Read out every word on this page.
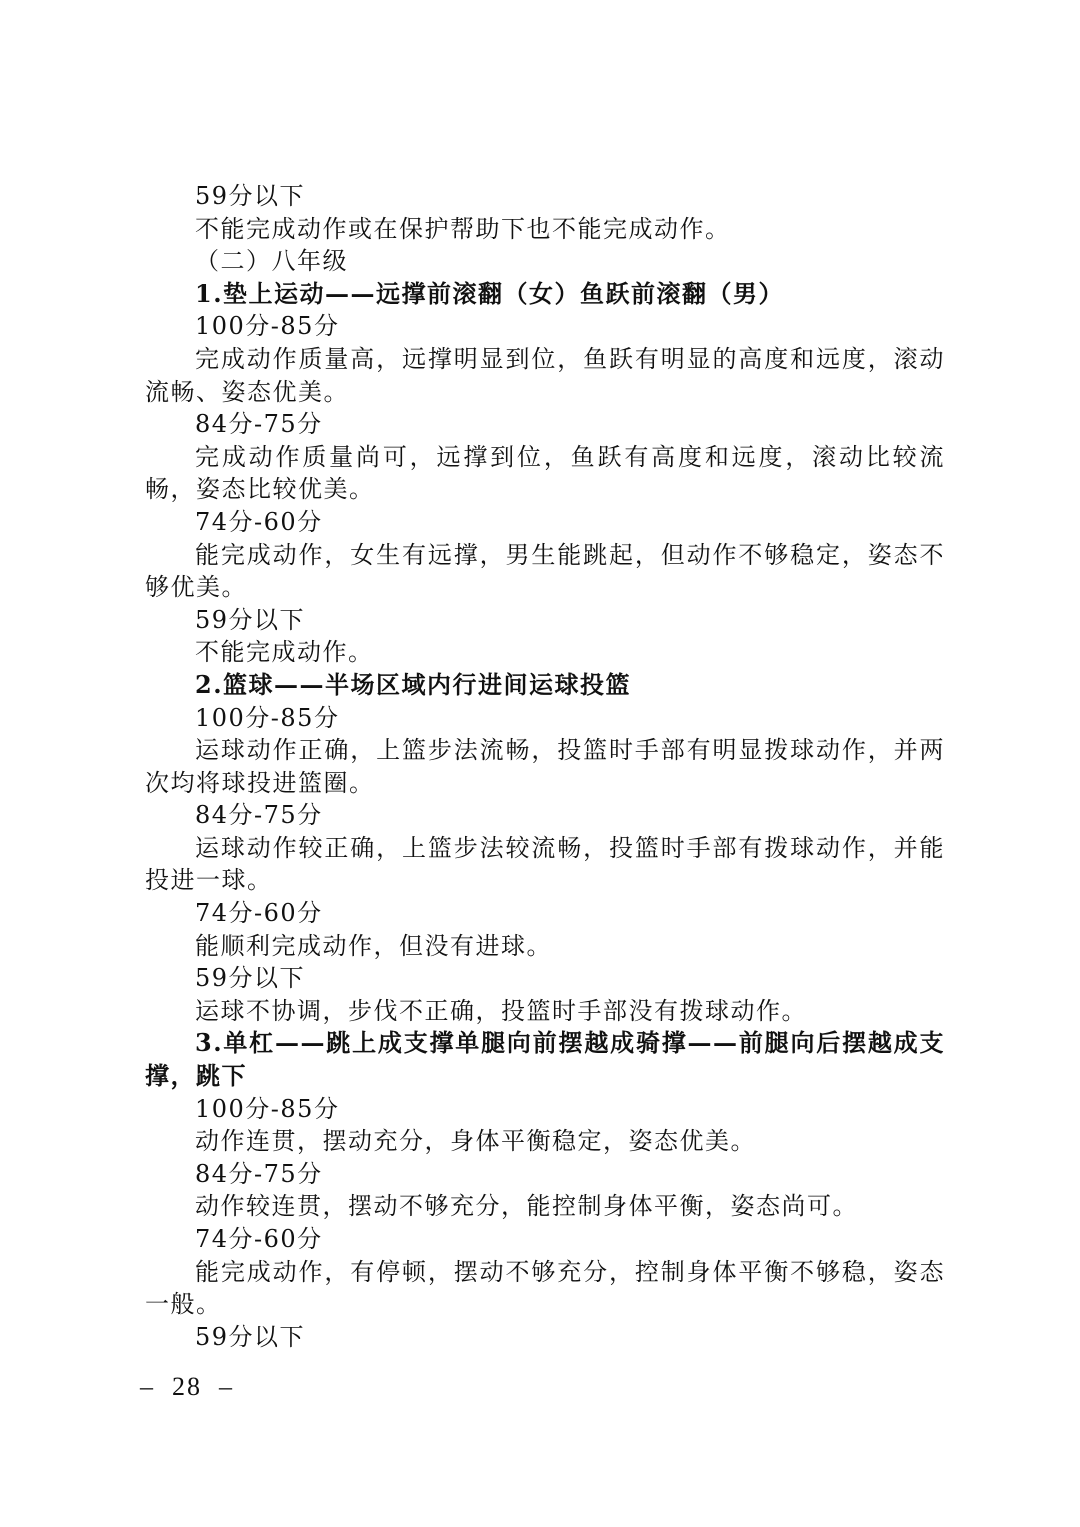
59分以下

不能完成动作或在保护帮助下也不能完成动作。

（二）八年级

1.垫上运动——远撑前滚翻（女）鱼跃前滚翻（男）

100分-85分

完成动作质量高，远撑明显到位，鱼跃有明显的高度和远度，滚动流畅、姿态优美。

84分-75分

完成动作质量尚可，远撑到位，鱼跃有高度和远度，滚动比较流畅，姿态比较优美。

74分-60分

能完成动作，女生有远撑，男生能跳起，但动作不够稳定，姿态不够优美。

59分以下

不能完成动作。

2.篮球——半场区域内行进间运球投篮

100分-85分

运球动作正确，上篮步法流畅，投篮时手部有明显拨球动作，并两次均将球投进篮圈。

84分-75分

运球动作较正确，上篮步法较流畅，投篮时手部有拨球动作，并能投进一球。

74分-60分

能顺利完成动作，但没有进球。

59分以下

运球不协调，步伐不正确，投篮时手部没有拨球动作。

3.单杠——跳上成支撑单腿向前摆越成骑撑——前腿向后摆越成支撑，跳下

100分-85分

动作连贯，摆动充分，身体平衡稳定，姿态优美。

84分-75分

动作较连贯，摆动不够充分，能控制身体平衡，姿态尚可。

74分-60分

能完成动作，有停顿，摆动不够充分，控制身体平衡不够稳，姿态一般。

59分以下

–  28  –
